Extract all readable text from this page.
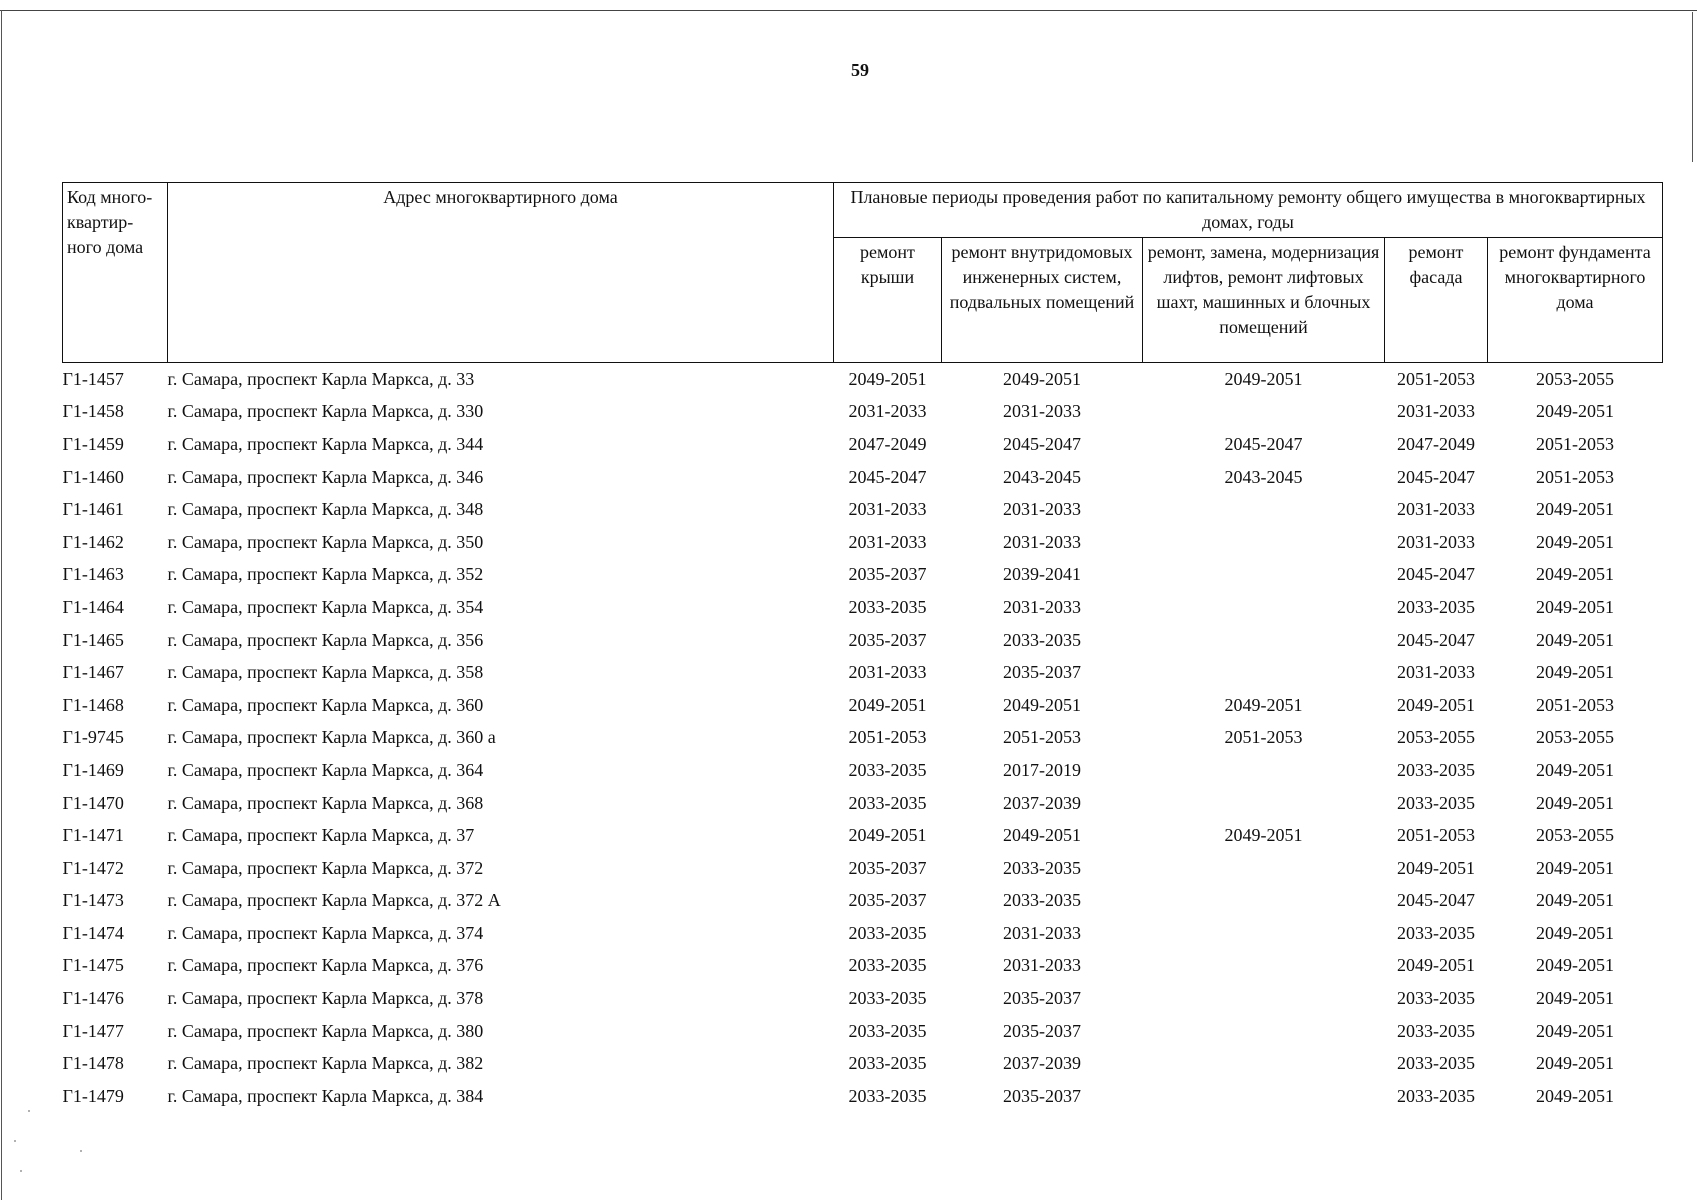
59
Код много-квартир-ного дома	Адрес многоквартирного дома	Плановые периоды проведения работ по капитальному ремонту общего имущества в многоквартирных домах, годы				
		ремонт крыши	ремонт внутридомовых инженерных систем, подвальных помещений	ремонт, замена, модернизация лифтов, ремонт лифтовых шахт, машинных и блочных помещений	ремонт фасада	ремонт фундамента многоквартирного дома
Г1-1457	г. Самара, проспект Карла Маркса, д. 33	2049-2051	2049-2051	2049-2051	2051-2053	2053-2055
Г1-1458	г. Самара, проспект Карла Маркса, д. 330	2031-2033	2031-2033		2031-2033	2049-2051
Г1-1459	г. Самара, проспект Карла Маркса, д. 344	2047-2049	2045-2047	2045-2047	2047-2049	2051-2053
Г1-1460	г. Самара, проспект Карла Маркса, д. 346	2045-2047	2043-2045	2043-2045	2045-2047	2051-2053
Г1-1461	г. Самара, проспект Карла Маркса, д. 348	2031-2033	2031-2033		2031-2033	2049-2051
Г1-1462	г. Самара, проспект Карла Маркса, д. 350	2031-2033	2031-2033		2031-2033	2049-2051
Г1-1463	г. Самара, проспект Карла Маркса, д. 352	2035-2037	2039-2041		2045-2047	2049-2051
Г1-1464	г. Самара, проспект Карла Маркса, д. 354	2033-2035	2031-2033		2033-2035	2049-2051
Г1-1465	г. Самара, проспект Карла Маркса, д. 356	2035-2037	2033-2035		2045-2047	2049-2051
Г1-1467	г. Самара, проспект Карла Маркса, д. 358	2031-2033	2035-2037		2031-2033	2049-2051
Г1-1468	г. Самара, проспект Карла Маркса, д. 360	2049-2051	2049-2051	2049-2051	2049-2051	2051-2053
Г1-9745	г. Самара, проспект Карла Маркса, д. 360 а	2051-2053	2051-2053	2051-2053	2053-2055	2053-2055
Г1-1469	г. Самара, проспект Карла Маркса, д. 364	2033-2035	2017-2019		2033-2035	2049-2051
Г1-1470	г. Самара, проспект Карла Маркса, д. 368	2033-2035	2037-2039		2033-2035	2049-2051
Г1-1471	г. Самара, проспект Карла Маркса, д. 37	2049-2051	2049-2051	2049-2051	2051-2053	2053-2055
Г1-1472	г. Самара, проспект Карла Маркса, д. 372	2035-2037	2033-2035		2049-2051	2049-2051
Г1-1473	г. Самара, проспект Карла Маркса, д. 372 А	2035-2037	2033-2035		2045-2047	2049-2051
Г1-1474	г. Самара, проспект Карла Маркса, д. 374	2033-2035	2031-2033		2033-2035	2049-2051
Г1-1475	г. Самара, проспект Карла Маркса, д. 376	2033-2035	2031-2033		2049-2051	2049-2051
Г1-1476	г. Самара, проспект Карла Маркса, д. 378	2033-2035	2035-2037		2033-2035	2049-2051
Г1-1477	г. Самара, проспект Карла Маркса, д. 380	2033-2035	2035-2037		2033-2035	2049-2051
Г1-1478	г. Самара, проспект Карла Маркса, д. 382	2033-2035	2037-2039		2033-2035	2049-2051
Г1-1479	г. Самара, проспект Карла Маркса, д. 384	2033-2035	2035-2037		2033-2035	2049-2051
